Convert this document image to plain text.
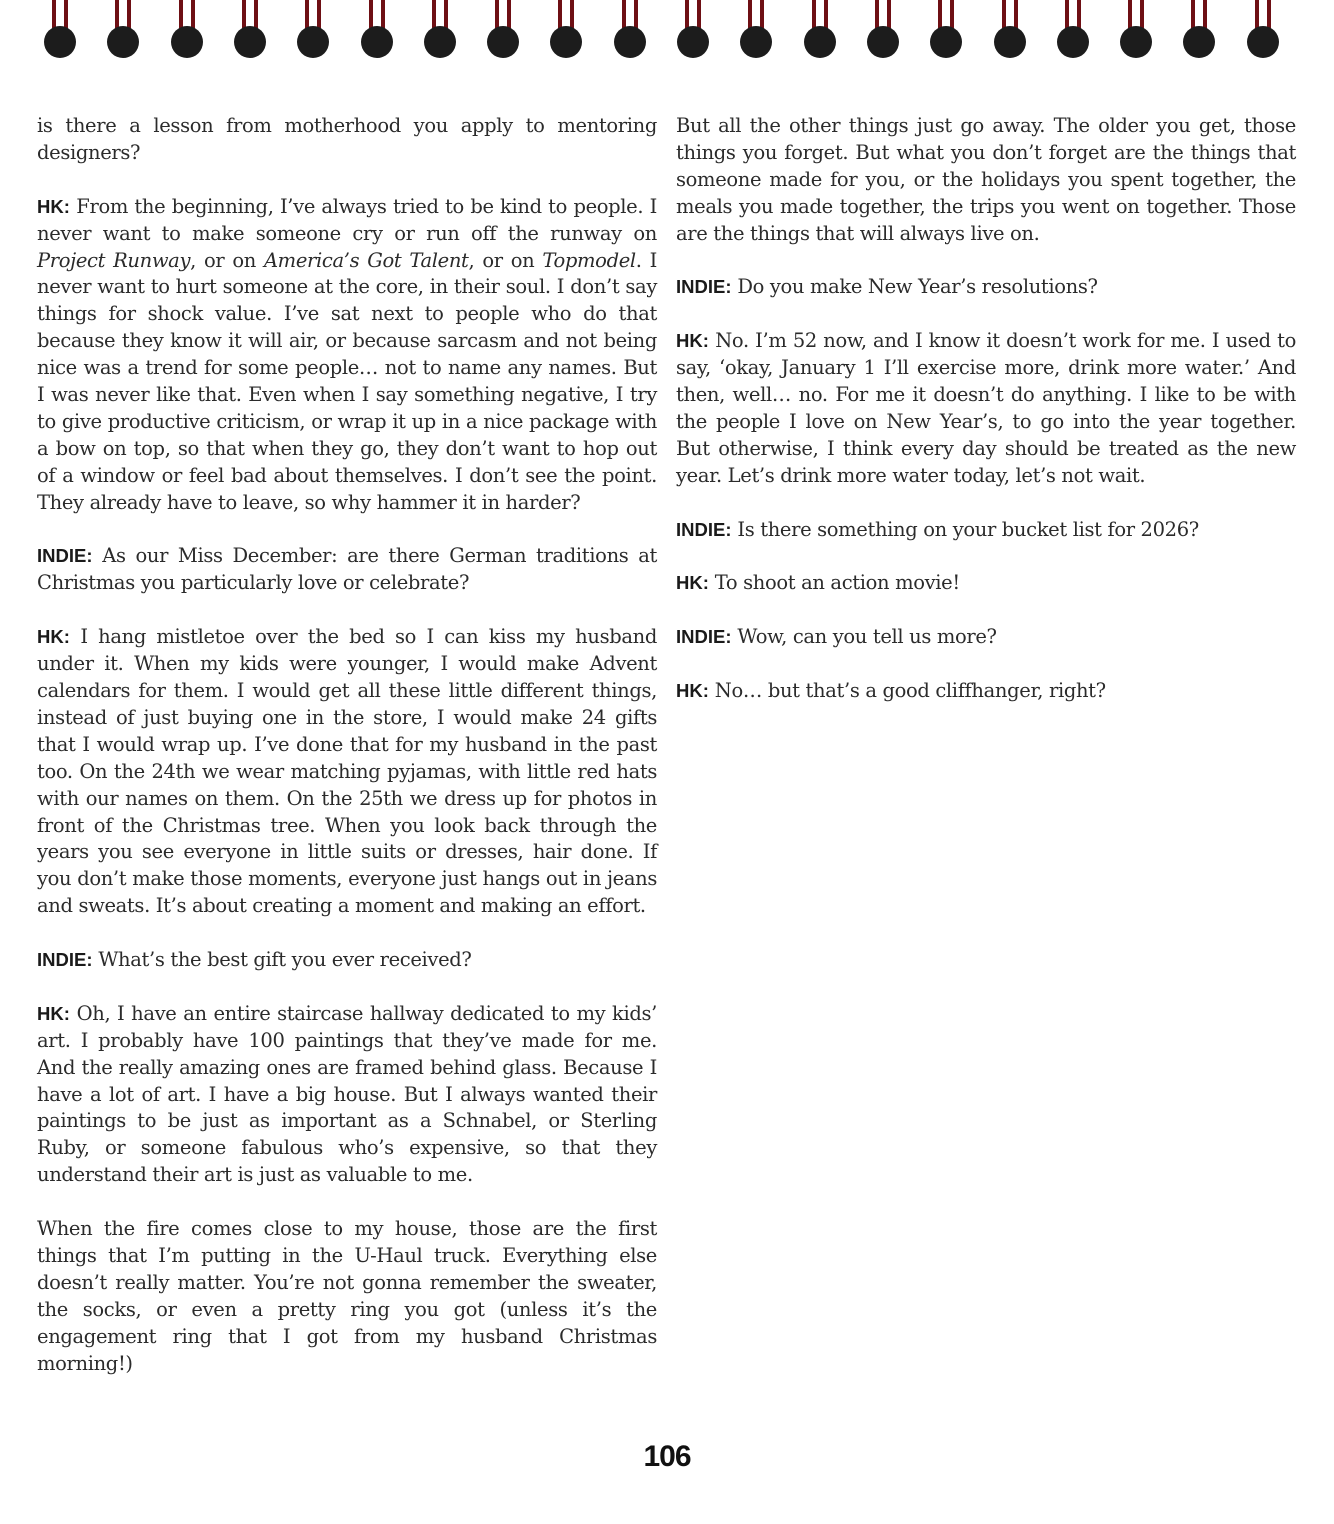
is there a lesson from motherhood you apply to mentoring designers?

HK: From the beginning, I’ve always tried to be kind to people. I never want to make someone cry or run off the runway on Project Runway, or on America’s Got Talent, or on Topmodel. I never want to hurt someone at the core, in their soul. I don’t say things for shock value. I’ve sat next to people who do that because they know it will air, or because sarcasm and not being nice was a trend for some people… not to name any names. But I was never like that. Even when I say something negative, I try to give productive criticism, or wrap it up in a nice package with a bow on top, so that when they go, they don’t want to hop out of a window or feel bad about themselves. I don’t see the point. They already have to leave, so why hammer it in harder?

INDIE: As our Miss December: are there German traditions at Christmas you particularly love or celebrate?

HK: I hang mistletoe over the bed so I can kiss my husband under it. When my kids were younger, I would make Advent calendars for them. I would get all these little different things, instead of just buying one in the store, I would make 24 gifts that I would wrap up. I’ve done that for my husband in the past too. On the 24th we wear matching pyjamas, with little red hats with our names on them. On the 25th we dress up for photos in front of the Christmas tree. When you look back through the years you see everyone in little suits or dresses, hair done. If you don’t make those moments, everyone just hangs out in jeans and sweats. It’s about creating a moment and making an effort.

INDIE: What’s the best gift you ever received?

HK: Oh, I have an entire staircase hallway dedicated to my kids’ art. I probably have 100 paintings that they’ve made for me. And the really amazing ones are framed behind glass. Because I have a lot of art. I have a big house. But I always wanted their paintings to be just as important as a Schnabel, or Sterling Ruby, or someone fabulous who’s expensive, so that they understand their art is just as valuable to me.

When the fire comes close to my house, those are the first things that I’m putting in the U-Haul truck. Everything else doesn’t really matter. You’re not gonna remember the sweater, the socks, or even a pretty ring you got (unless it’s the engagement ring that I got from my husband Christmas morning!)

But all the other things just go away. The older you get, those things you forget. But what you don’t forget are the things that someone made for you, or the holidays you spent together, the meals you made together, the trips you went on together. Those are the things that will always live on.

INDIE: Do you make New Year’s resolutions?

HK: No. I’m 52 now, and I know it doesn’t work for me. I used to say, ‘okay, January 1 I’ll exercise more, drink more water.’ And then, well… no. For me it doesn’t do anything. I like to be with the people I love on New Year’s, to go into the year together. But otherwise, I think every day should be treated as the new year. Let’s drink more water today, let’s not wait.

INDIE: Is there something on your bucket list for 2026?

HK: To shoot an action movie!

INDIE: Wow, can you tell us more?

HK: No… but that’s a good cliffhanger, right?

106
